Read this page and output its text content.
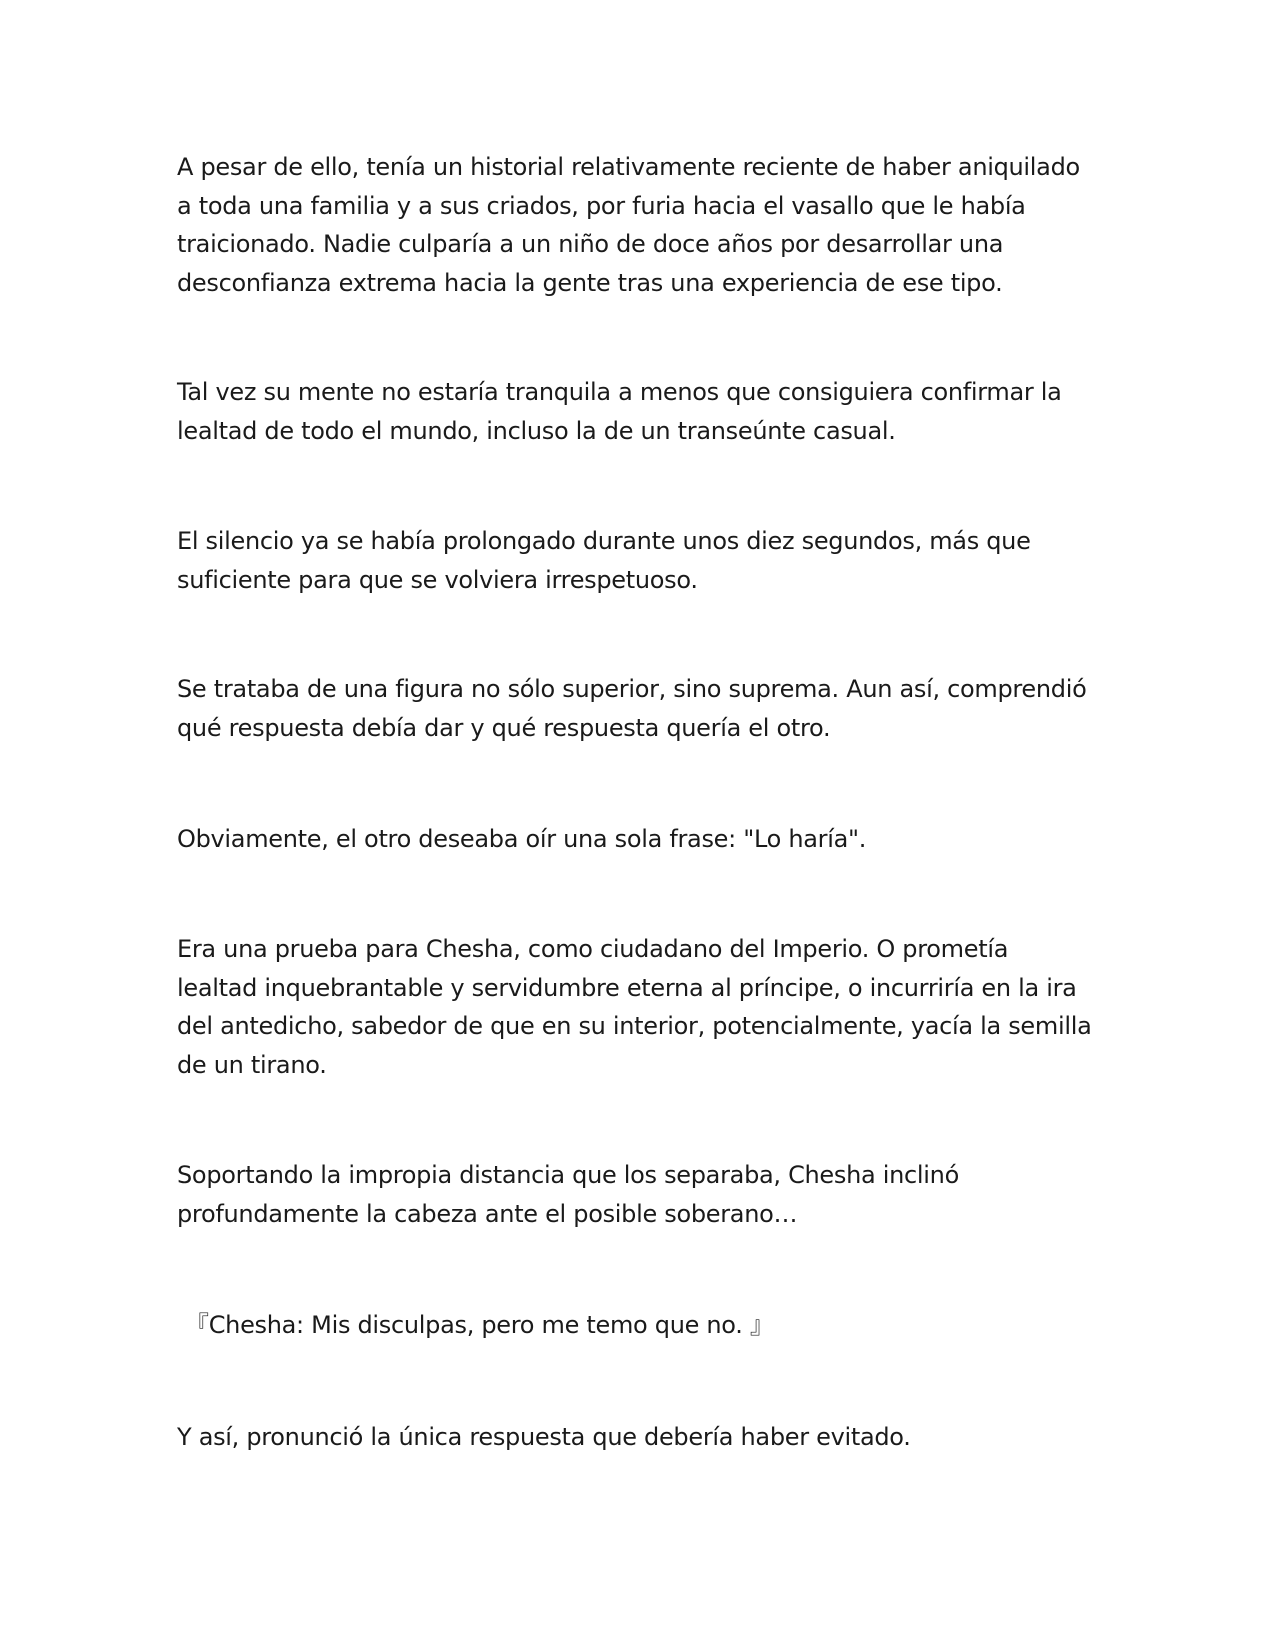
A pesar de ello, tenía un historial relativamente reciente de haber aniquilado
a toda una familia y a sus criados, por furia hacia el vasallo que le había
traicionado. Nadie culparía a un niño de doce años por desarrollar una
desconfianza extrema hacia la gente tras una experiencia de ese tipo.

Tal vez su mente no estaría tranquila a menos que consiguiera confirmar la
lealtad de todo el mundo, incluso la de un transeúnte casual.

El silencio ya se había prolongado durante unos diez segundos, más que
suficiente para que se volviera irrespetuoso.

Se trataba de una figura no sólo superior, sino suprema. Aun así, comprendió
qué respuesta debía dar y qué respuesta quería el otro.

Obviamente, el otro deseaba oír una sola frase: "Lo haría".

Era una prueba para Chesha, como ciudadano del Imperio. O prometía
lealtad inquebrantable y servidumbre eterna al príncipe, o incurriría en la ira
del antedicho, sabedor de que en su interior, potencialmente, yacía la semilla
de un tirano.

Soportando la impropia distancia que los separaba, Chesha inclinó
profundamente la cabeza ante el posible soberano…

『Chesha: Mis disculpas, pero me temo que no. 』

Y así, pronunció la única respuesta que debería haber evitado.
